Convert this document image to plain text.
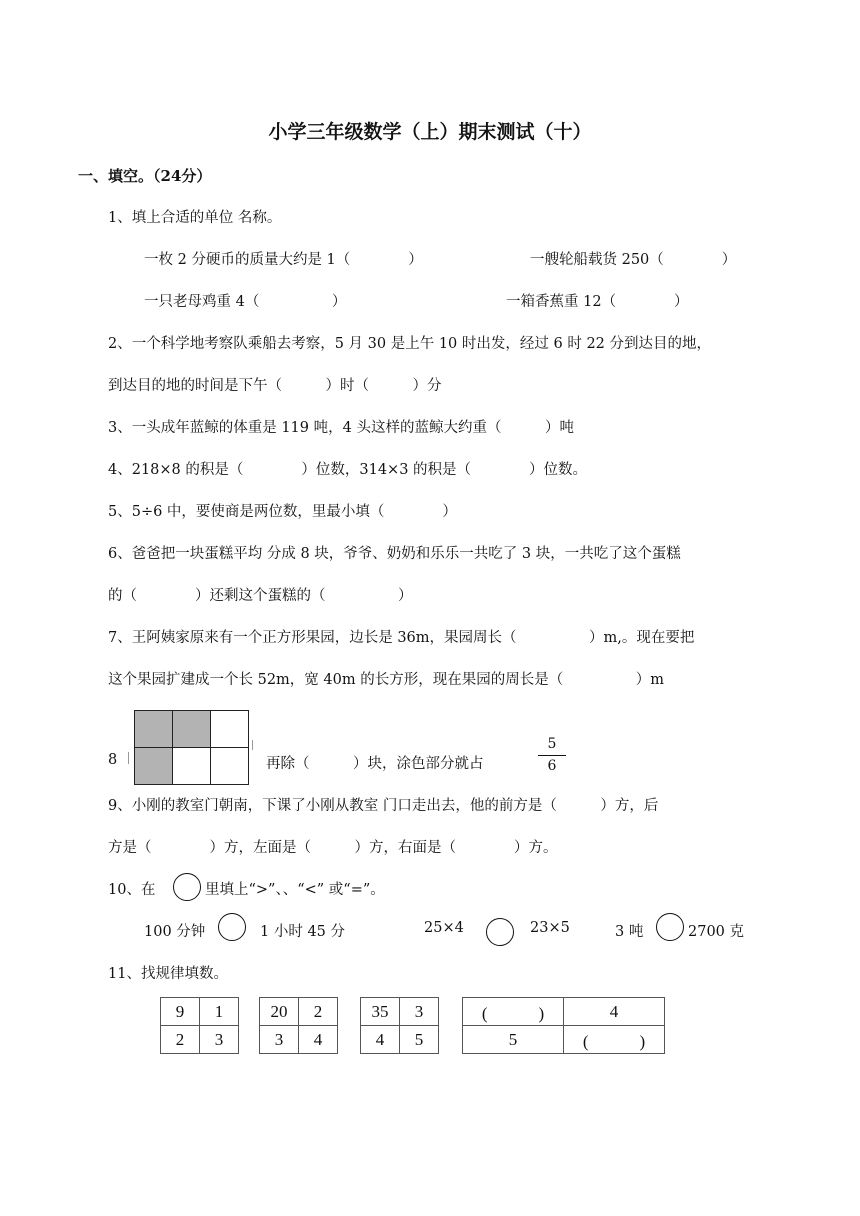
小学三年级数学（上）期末测试（十）
一、填空。（24分）
1、填上合适的单位 名称。
一枚 2 分硬币的质量大约是 1（　　　　）	一艘轮船载货 250（　　　　）
一只老母鸡重 4（　　　　　）	一箱香蕉重 12（　　　　）
2、一个科学地考察队乘船去考察，5 月 30 是上午 10 时出发，经过 6 时 22 分到达目的地，
到达目的地的时间是下午（　　　）时（　　　）分
3、一头成年蓝鲸的体重是 119 吨，4 头这样的蓝鲸大约重（　　　）吨
4、218×8 的积是（　　　　）位数，314×3 的积是（　　　　）位数。
5、5÷6 中，要使商是两位数，里最小填（　　　　）
6、爸爸把一块蛋糕平均 分成 8 块，爷爷、奶奶和乐乐一共吃了 3 块，一共吃了这个蛋糕
的（　　　　）还剩这个蛋糕的（　　　　　）
7、王阿姨家原来有一个正方形果园，边长是 36m，果园周长（　　　　　）m,。现在要把
这个果园扩建成一个长 52m，宽 40m 的长方形，现在果园的周长是（　　　　　）m
8

			再除（　　　）块，涂色部分就占	$\frac{5}{6}$
9、小刚的教室门朝南，下课了小刚从教室 门口走出去，他的前方是（　　　）方，后
方是（　　　　）方，左面是（　　　）方，右面是（　　　　）方。
10、在	里填上“>”、、“<” 或“=”。
100 分钟	1 小时 45 分	25×4	23×5	3 吨	2700 克
11、找规律填数。
9	1
2	3
20	2
3	4
35	3
4	5
(　　　)	4
5	(　　　)
